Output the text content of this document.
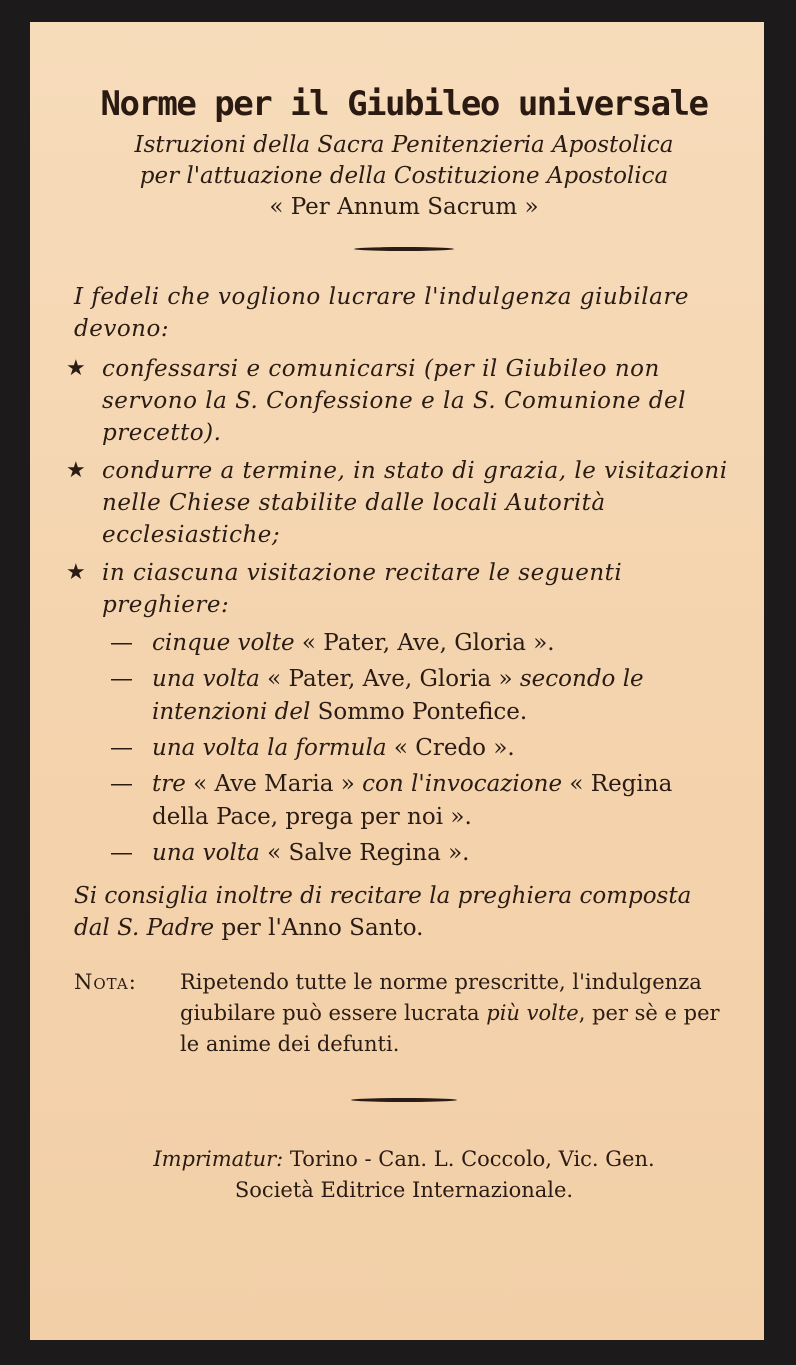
Norme per il Giubileo universale

Istruzioni della Sacra Penitenzieria Apostolica

per l'attuazione della Costituzione Apostolica

« Per Annum Sacrum »

I fedeli che vogliono lucrare l'indulgenza giubilare devono:

★ confessarsi e comunicarsi (per il Giubileo non servono la S. Confessione e la S. Comunione del precetto).
★ condurre a termine, in stato di grazia, le visitazioni nelle Chiese stabilite dalle locali Autorità ecclesiastiche;
★ in ciascuna visitazione recitare le seguenti preghiere:
— cinque volte « Pater, Ave, Gloria ».
— una volta « Pater, Ave, Gloria » secondo le intenzioni del Sommo Pontefice.
— una volta la formula « Credo ».
— tre « Ave Maria » con l'invocazione « Regina della Pace, prega per noi ».
— una volta « Salve Regina ».

Si consiglia inoltre di recitare la preghiera composta dal S. Padre per l'Anno Santo.

Nota:	Ripetendo tutte le norme prescritte, l'indulgenza giubilare può essere lucrata più volte, per sè e per le anime dei defunti.

Imprimatur: Torino - Can. L. Coccolo, Vic. Gen.

Società Editrice Internazionale.
